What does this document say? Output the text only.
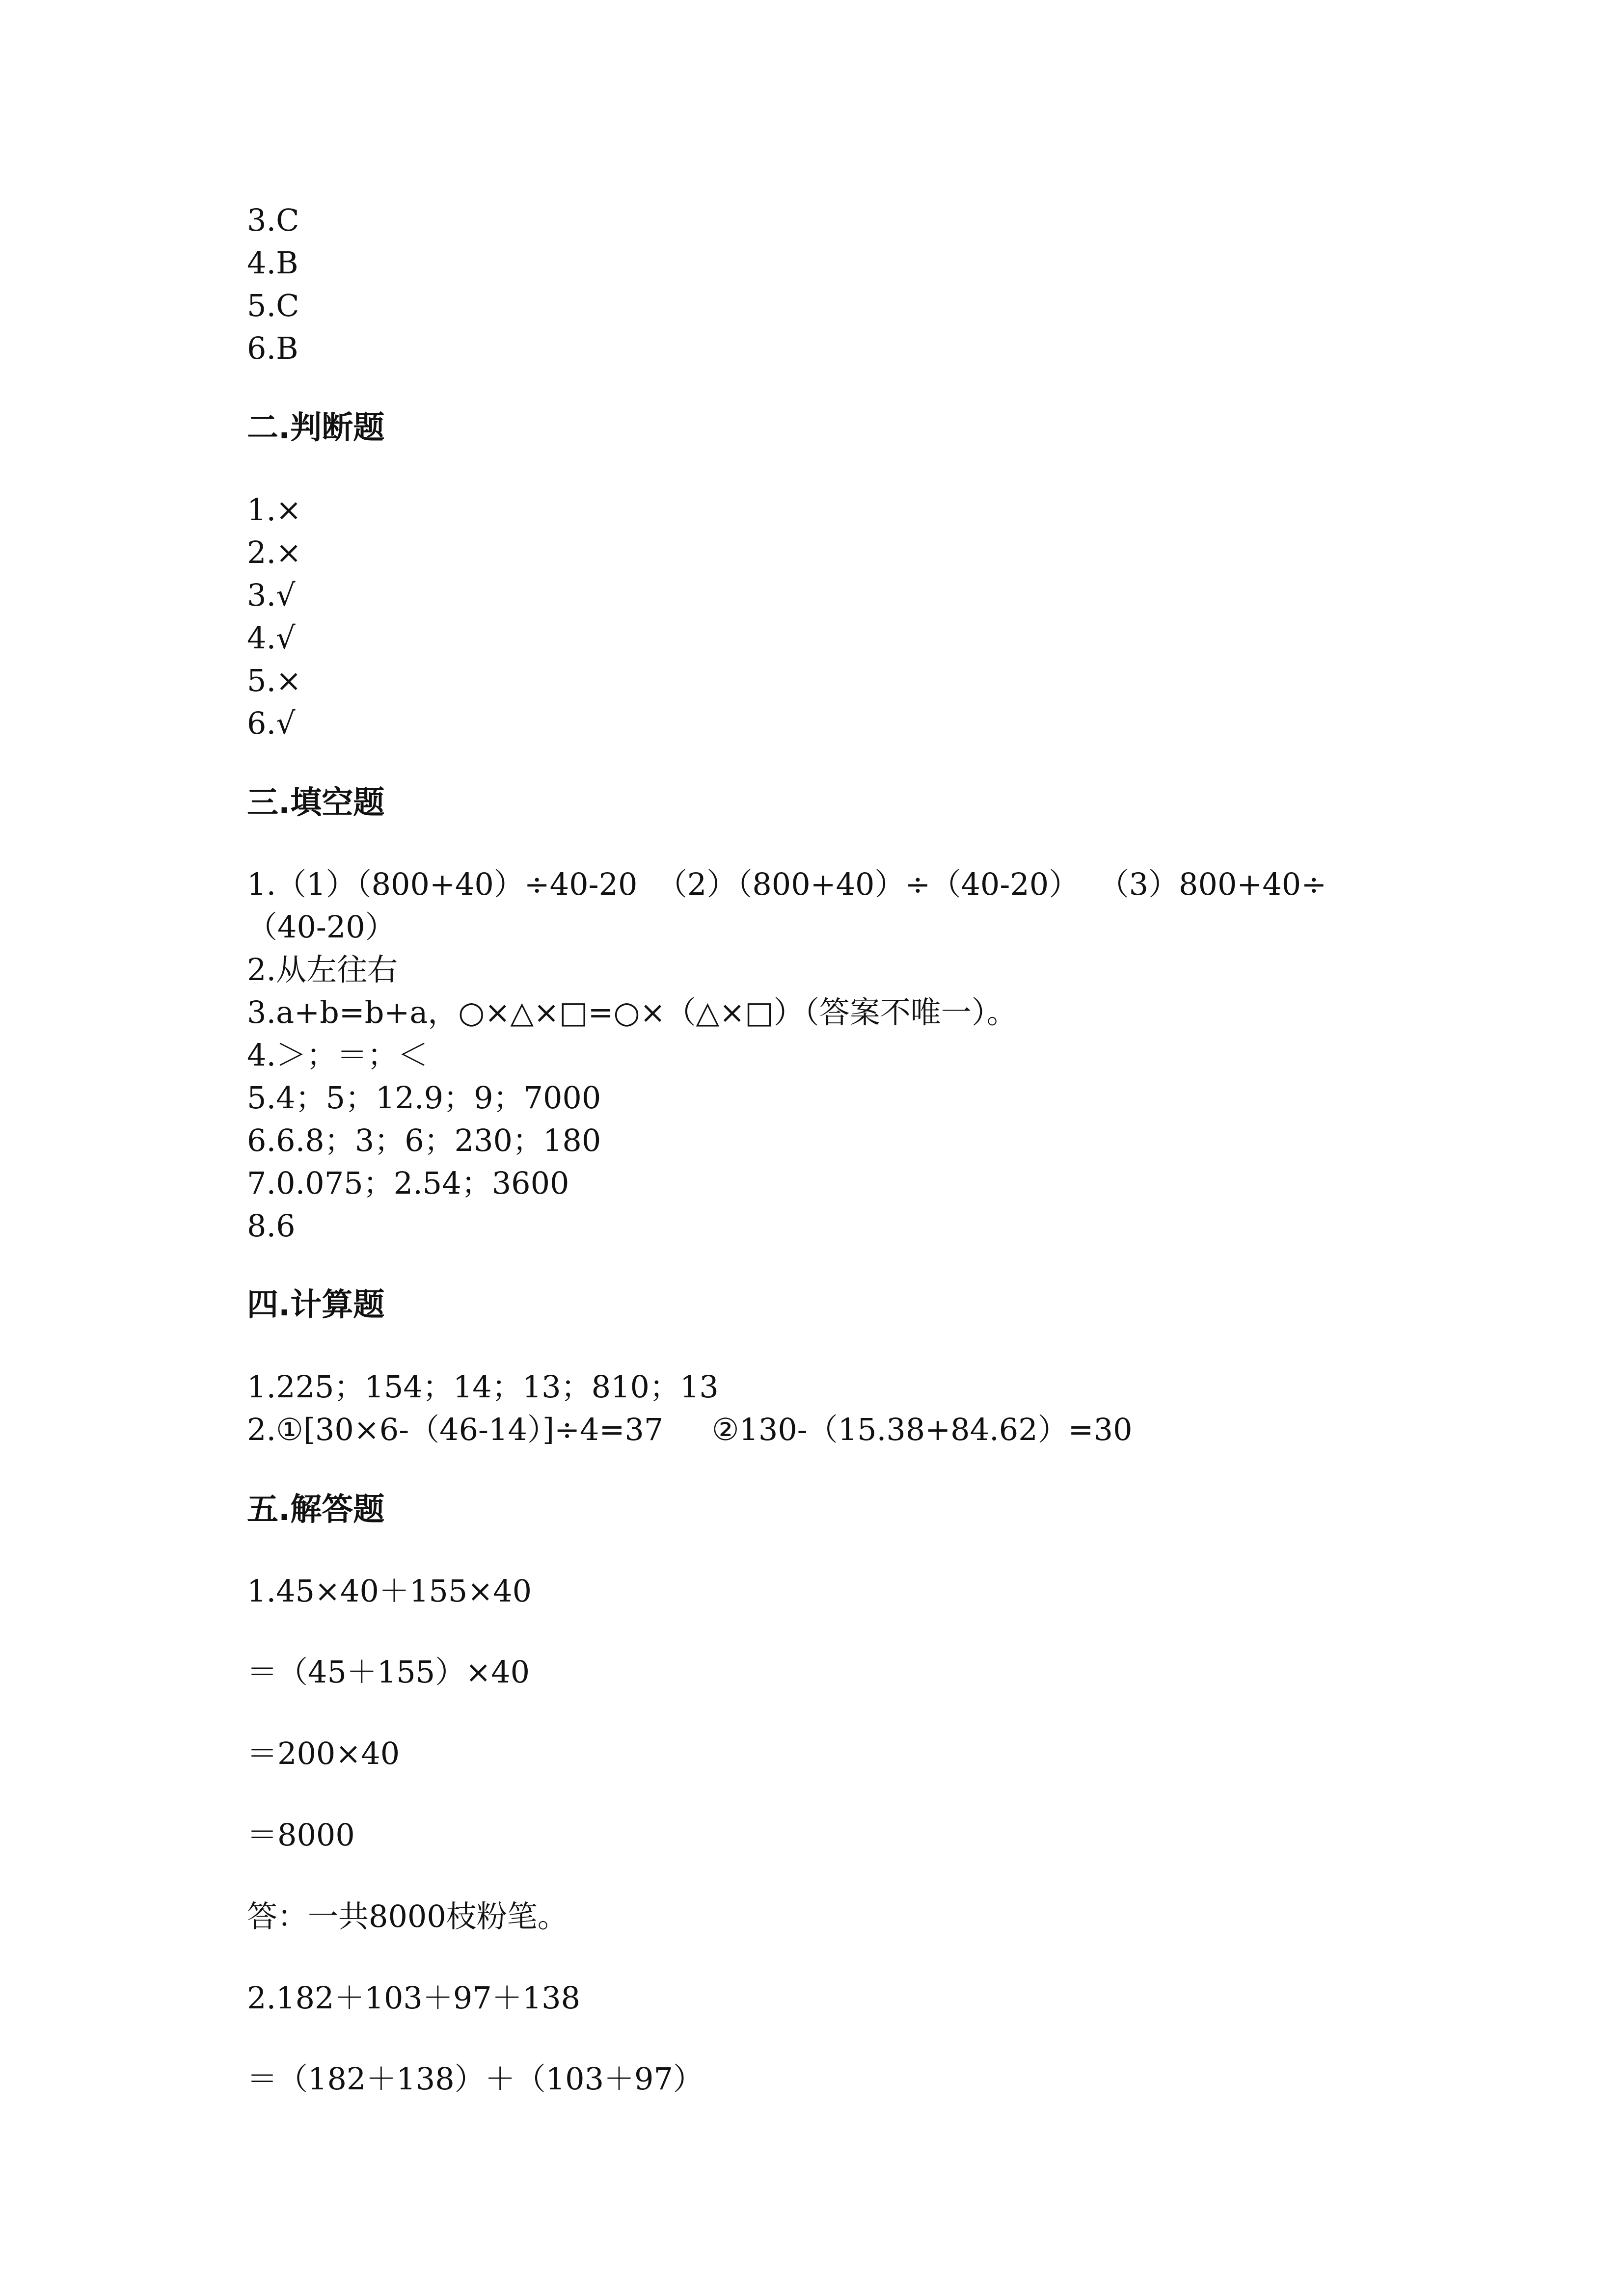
3.C
4.B
5.C
6.B
二.判断题
1.×
2.×
3.√
4.√
5.×
6.√
三.填空题
1.（1）（800+40）÷40-20  （2）（800+40）÷（40-20）  （3）800+40÷
（40-20）
2.从左往右
3.a+b=b+a，○×△×□=○×（△×□）（答案不唯一）。
4.＞；＝；＜
5.4；5；12.9；9；7000
6.6.8；3；6；230；180
7.0.075；2.54；3600
8.6
四.计算题
1.225；154；14；13；810；13
2.①[30×6-（46-14）]÷4=37     ②130-（15.38+84.62）=30
五.解答题
1.45×40＋155×40
＝（45＋155）×40
＝200×40
＝8000
答：一共8000枝粉笔。
2.182＋103＋97＋138
＝（182＋138）＋（103＋97）
